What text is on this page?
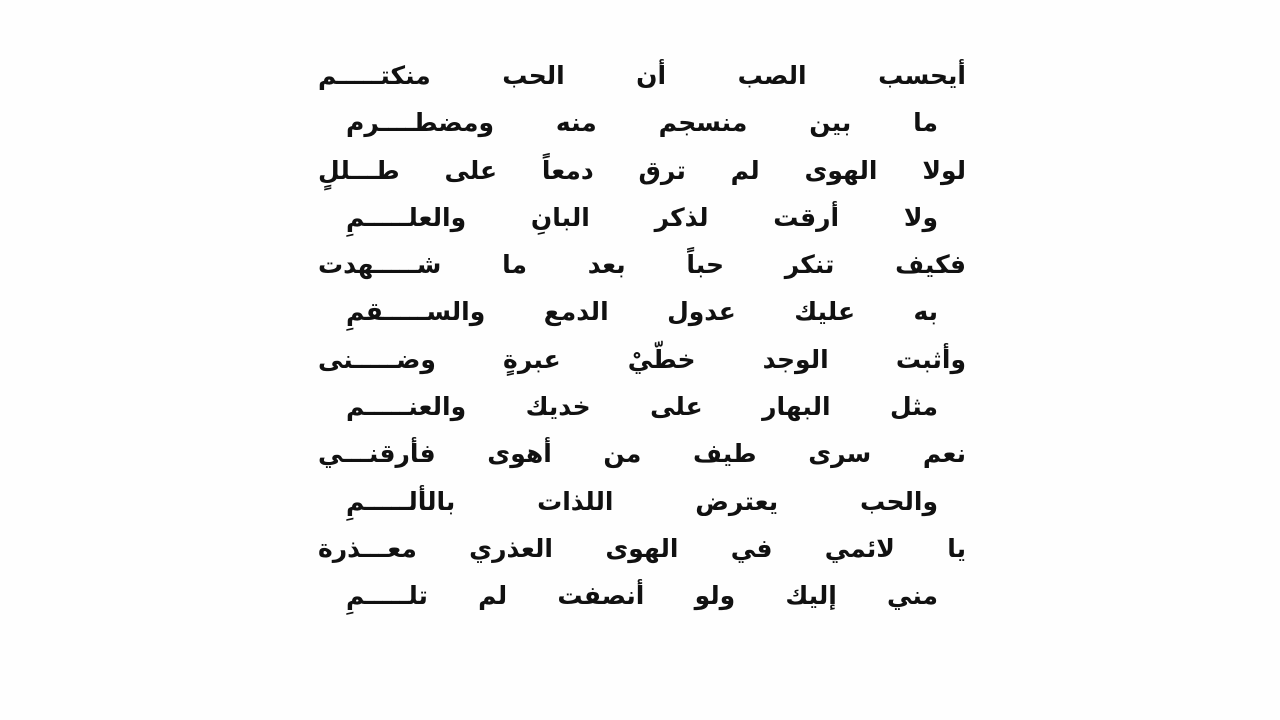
أيحسب الصب أن الحب منكتـــــم
ما بين منسجم منه ومضطــــرم
لولا الهوى لم ترق دمعاً على طـــللٍ
ولا أرقت لذكر البانِ والعلـــــمِ
فكيف تنكر حباً بعد ما شـــــهدت
به عليك عدول الدمع والســـــقمِ
وأثبت الوجد خطّيْ عبرةٍ وضـــــنى
مثل البهار على خديك والعنـــــم
نعم سرى طيف من أهوى فأرقنـــي
والحب يعترض اللذات بالألـــــمِ
يا لائمي في الهوى العذري معـــذرة
مني إليك ولو أنصفت لم تلـــــمِ
